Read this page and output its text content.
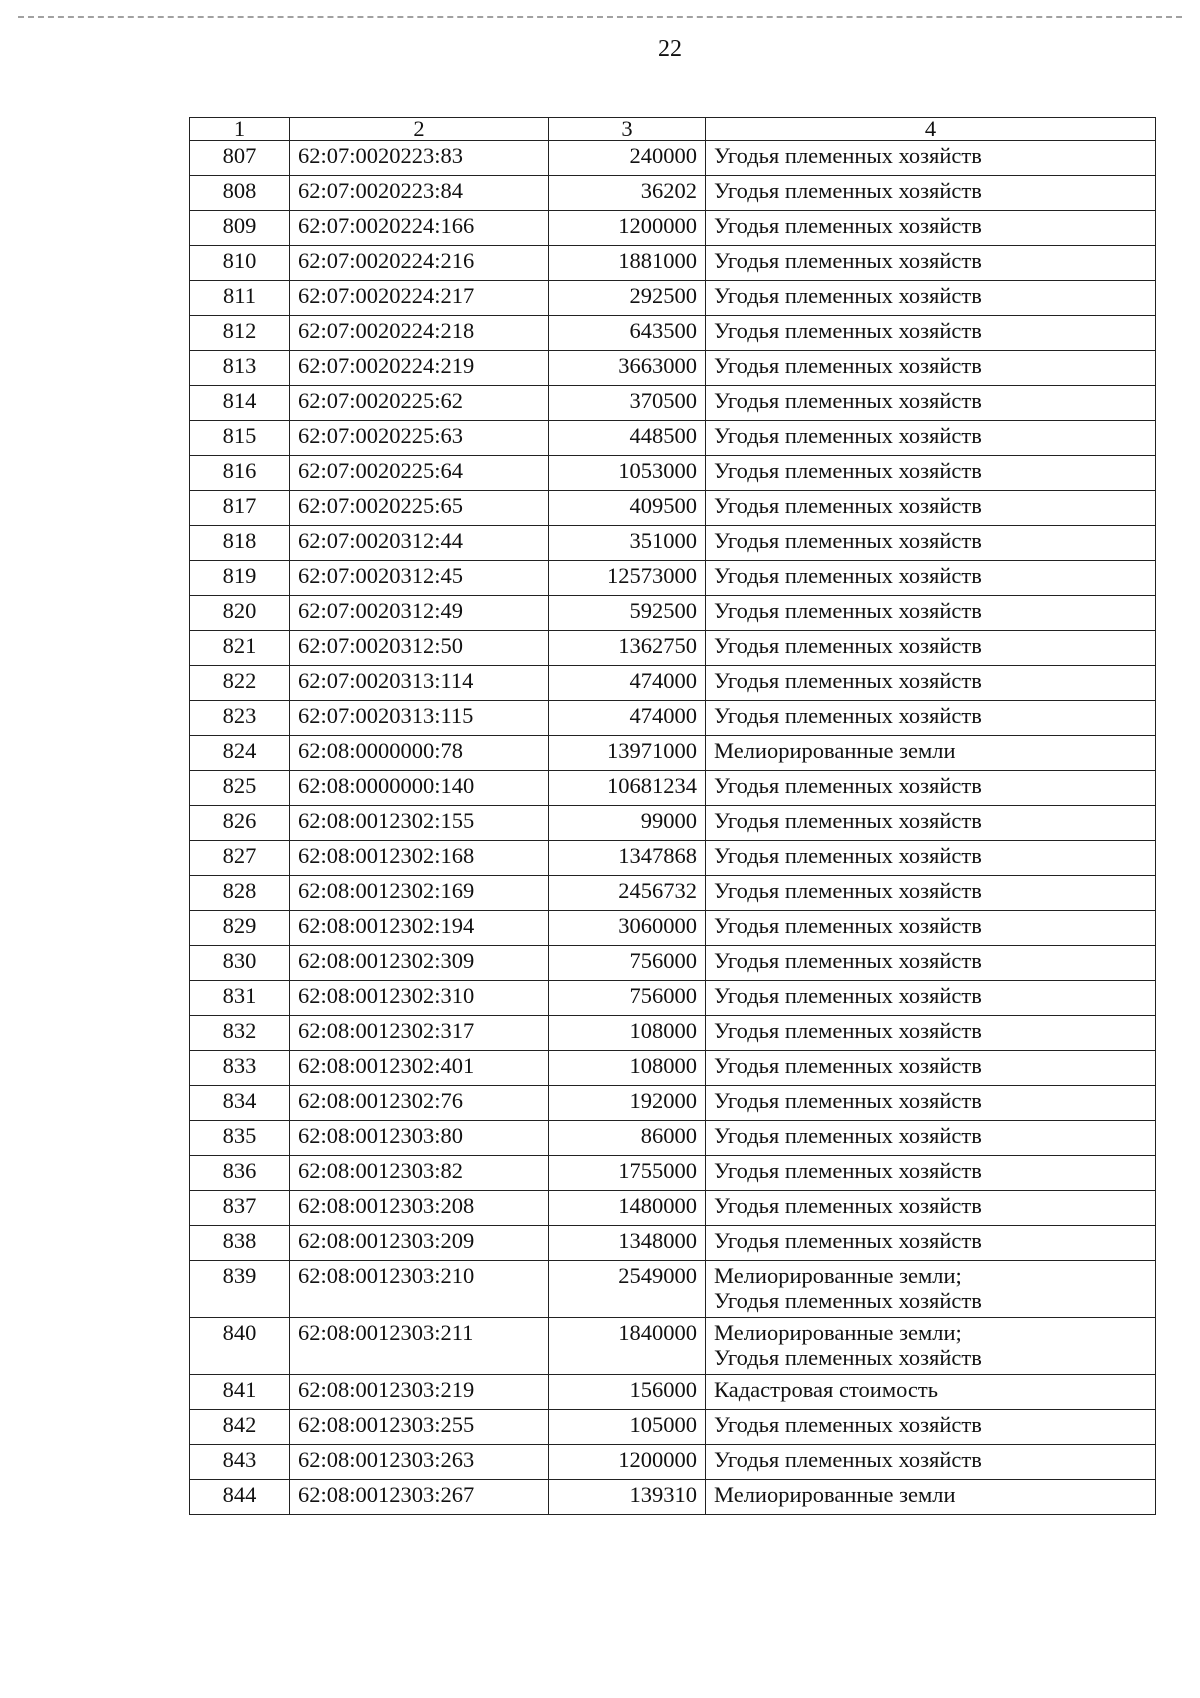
22
1	2	3	4
807	62:07:0020223:83	240000	Угодья племенных хозяйств

808	62:07:0020223:84	36202	Угодья племенных хозяйств

809	62:07:0020224:166	1200000	Угодья племенных хозяйств

810	62:07:0020224:216	1881000	Угодья племенных хозяйств

811	62:07:0020224:217	292500	Угодья племенных хозяйств

812	62:07:0020224:218	643500	Угодья племенных хозяйств

813	62:07:0020224:219	3663000	Угодья племенных хозяйств

814	62:07:0020225:62	370500	Угодья племенных хозяйств

815	62:07:0020225:63	448500	Угодья племенных хозяйств

816	62:07:0020225:64	1053000	Угодья племенных хозяйств

817	62:07:0020225:65	409500	Угодья племенных хозяйств

818	62:07:0020312:44	351000	Угодья племенных хозяйств

819	62:07:0020312:45	12573000	Угодья племенных хозяйств

820	62:07:0020312:49	592500	Угодья племенных хозяйств

821	62:07:0020312:50	1362750	Угодья племенных хозяйств

822	62:07:0020313:114	474000	Угодья племенных хозяйств

823	62:07:0020313:115	474000	Угодья племенных хозяйств

824	62:08:0000000:78	13971000	Мелиорированные земли

825	62:08:0000000:140	10681234	Угодья племенных хозяйств

826	62:08:0012302:155	99000	Угодья племенных хозяйств

827	62:08:0012302:168	1347868	Угодья племенных хозяйств

828	62:08:0012302:169	2456732	Угодья племенных хозяйств

829	62:08:0012302:194	3060000	Угодья племенных хозяйств

830	62:08:0012302:309	756000	Угодья племенных хозяйств

831	62:08:0012302:310	756000	Угодья племенных хозяйств

832	62:08:0012302:317	108000	Угодья племенных хозяйств

833	62:08:0012302:401	108000	Угодья племенных хозяйств

834	62:08:0012302:76	192000	Угодья племенных хозяйств

835	62:08:0012303:80	86000	Угодья племенных хозяйств

836	62:08:0012303:82	1755000	Угодья племенных хозяйств

837	62:08:0012303:208	1480000	Угодья племенных хозяйств

838	62:08:0012303:209	1348000	Угодья племенных хозяйств

839	62:08:0012303:210	2549000	Мелиорированные земли;
Угодья племенных хозяйств

840	62:08:0012303:211	1840000	Мелиорированные земли;
Угодья племенных хозяйств

841	62:08:0012303:219	156000	Кадастровая стоимость

842	62:08:0012303:255	105000	Угодья племенных хозяйств

843	62:08:0012303:263	1200000	Угодья племенных хозяйств

844	62:08:0012303:267	139310	Мелиорированные земли
